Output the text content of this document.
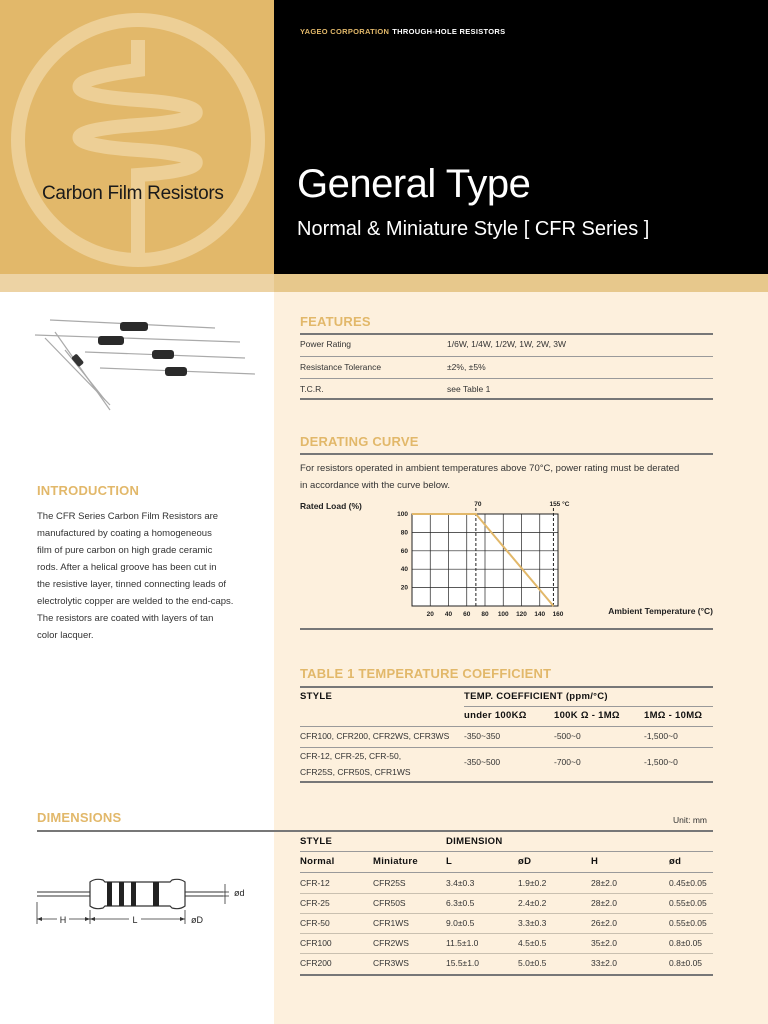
Carbon Film Resistors
YAGEO CORPORATION THROUGH-HOLE RESISTORS
General Type
Normal & Miniature Style [ CFR Series ]
FEATURES
Power Rating	1/6W, 1/4W, 1/2W, 1W, 2W, 3W
Resistance Tolerance	±2%, ±5%
T.C.R.	see Table 1
INTRODUCTION
The CFR Series Carbon Film Resistors are
manufactured by coating a homogeneous
film of pure carbon on high grade ceramic
rods. After a helical groove has been cut in
the resistive layer, tinned connecting leads of
electrolytic copper are welded to the end-caps.
The resistors are coated with layers of tan
color lacquer.
DERATING CURVE
For resistors operated in ambient temperatures above 70°C, power rating must be derated
in accordance with the curve below.
Rated Load (%)
Ambient Temperature (°C)
20 40 60 80 100 120 140 160
20
40
60
80
100
70	155 °C
TABLE 1 TEMPERATURE COEFFICIENT
STYLE	TEMP. COEFFICIENT (ppm/°C)
under 100KΩ	100K Ω - 1MΩ	1MΩ - 10MΩ
CFR100, CFR200, CFR2WS, CFR3WS -350~350	-500~0	-1,500~0
CFR-12, CFR-25, CFR-50,
CFR25S, CFR50S, CFR1WS
-350~500	-700~0	-1,500~0
DIMENSIONS	Unit: mm
STYLE	DIMENSION
Normal	Miniature	L	øD	H	ød
CFR-12	CFR25S	3.4±0.3	1.9±0.2	28±2.0	0.45±0.05
CFR-25	CFR50S	6.3±0.5	2.4±0.2	28±2.0	0.55±0.05
CFR-50	CFR1WS	9.0±0.5	3.3±0.3	26±2.0	0.55±0.05
CFR100	CFR2WS	11.5±1.0	4.5±0.5	35±2.0	0.8±0.05
CFR200	CFR3WS	15.5±1.0	5.0±0.5	33±2.0	0.8±0.05
H	L	øD
ød
